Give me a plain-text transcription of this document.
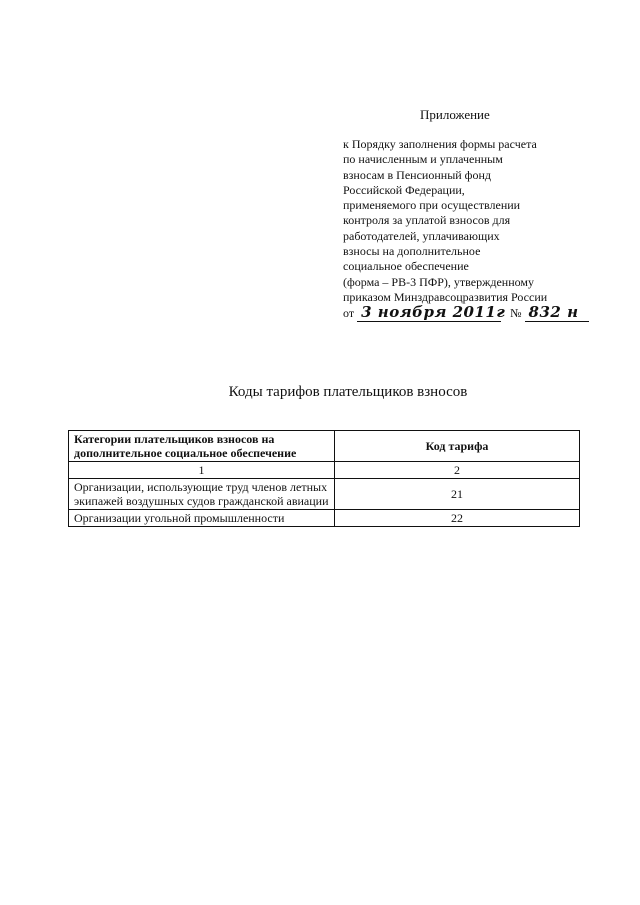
Приложение
к Порядку заполнения формы расчета
по начисленным и уплаченным
взносам в Пенсионный фонд
Российской Федерации,
применяемого при осуществлении
контроля за уплатой взносов для
работодателей, уплачивающих
взносы на дополнительное
социальное обеспечение
(форма – РВ-3 ПФР), утвержденному
приказом Минздравсоцразвития России
от 3 ноября 2011г № 832 н
Коды тарифов плательщиков взносов
Категории плательщиков взносов на дополнительное социальное обеспечение	Код тарифа
1	2
Организации, использующие труд членов летных экипажей воздушных судов гражданской авиации	21
Организации угольной промышленности	22
